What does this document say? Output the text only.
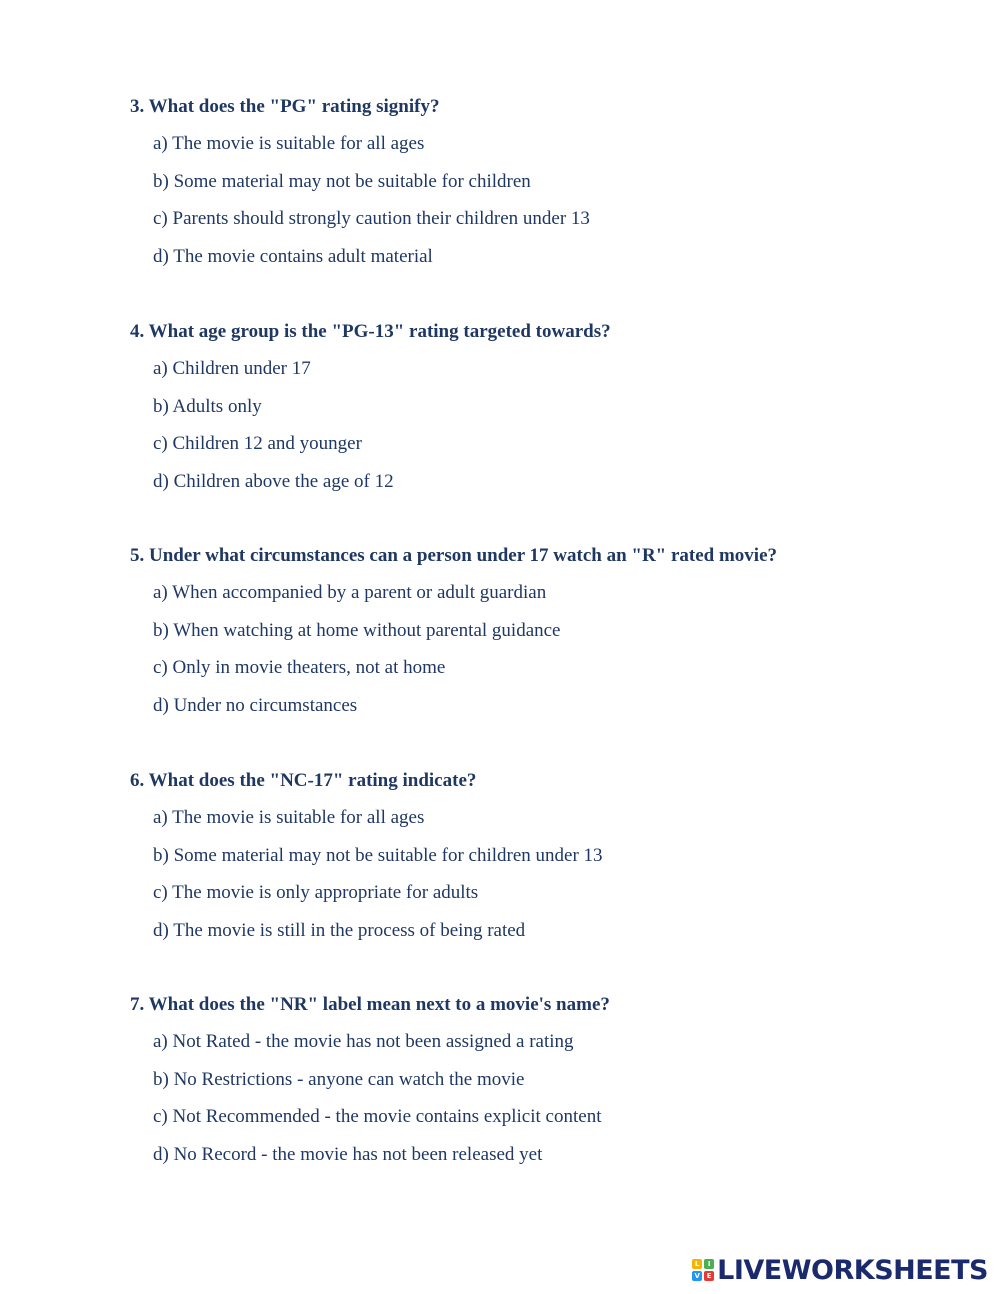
3. What does the "PG" rating signify?
a) The movie is suitable for all ages
b) Some material may not be suitable for children
c) Parents should strongly caution their children under 13
d) The movie contains adult material
4. What age group is the "PG-13" rating targeted towards?
a) Children under 17
b) Adults only
c) Children 12 and younger
d) Children above the age of 12
5. Under what circumstances can a person under 17 watch an "R" rated movie?
a) When accompanied by a parent or adult guardian
b) When watching at home without parental guidance
c) Only in movie theaters, not at home
d) Under no circumstances
6. What does the "NC-17" rating indicate?
a) The movie is suitable for all ages
b) Some material may not be suitable for children under 13
c) The movie is only appropriate for adults
d) The movie is still in the process of being rated
7. What does the "NR" label mean next to a movie's name?
a) Not Rated - the movie has not been assigned a rating
b) No Restrictions - anyone can watch the movie
c) Not Recommended - the movie contains explicit content
d) No Record - the movie has not been released yet
L	I
V E LIVEWORKSHEETS
